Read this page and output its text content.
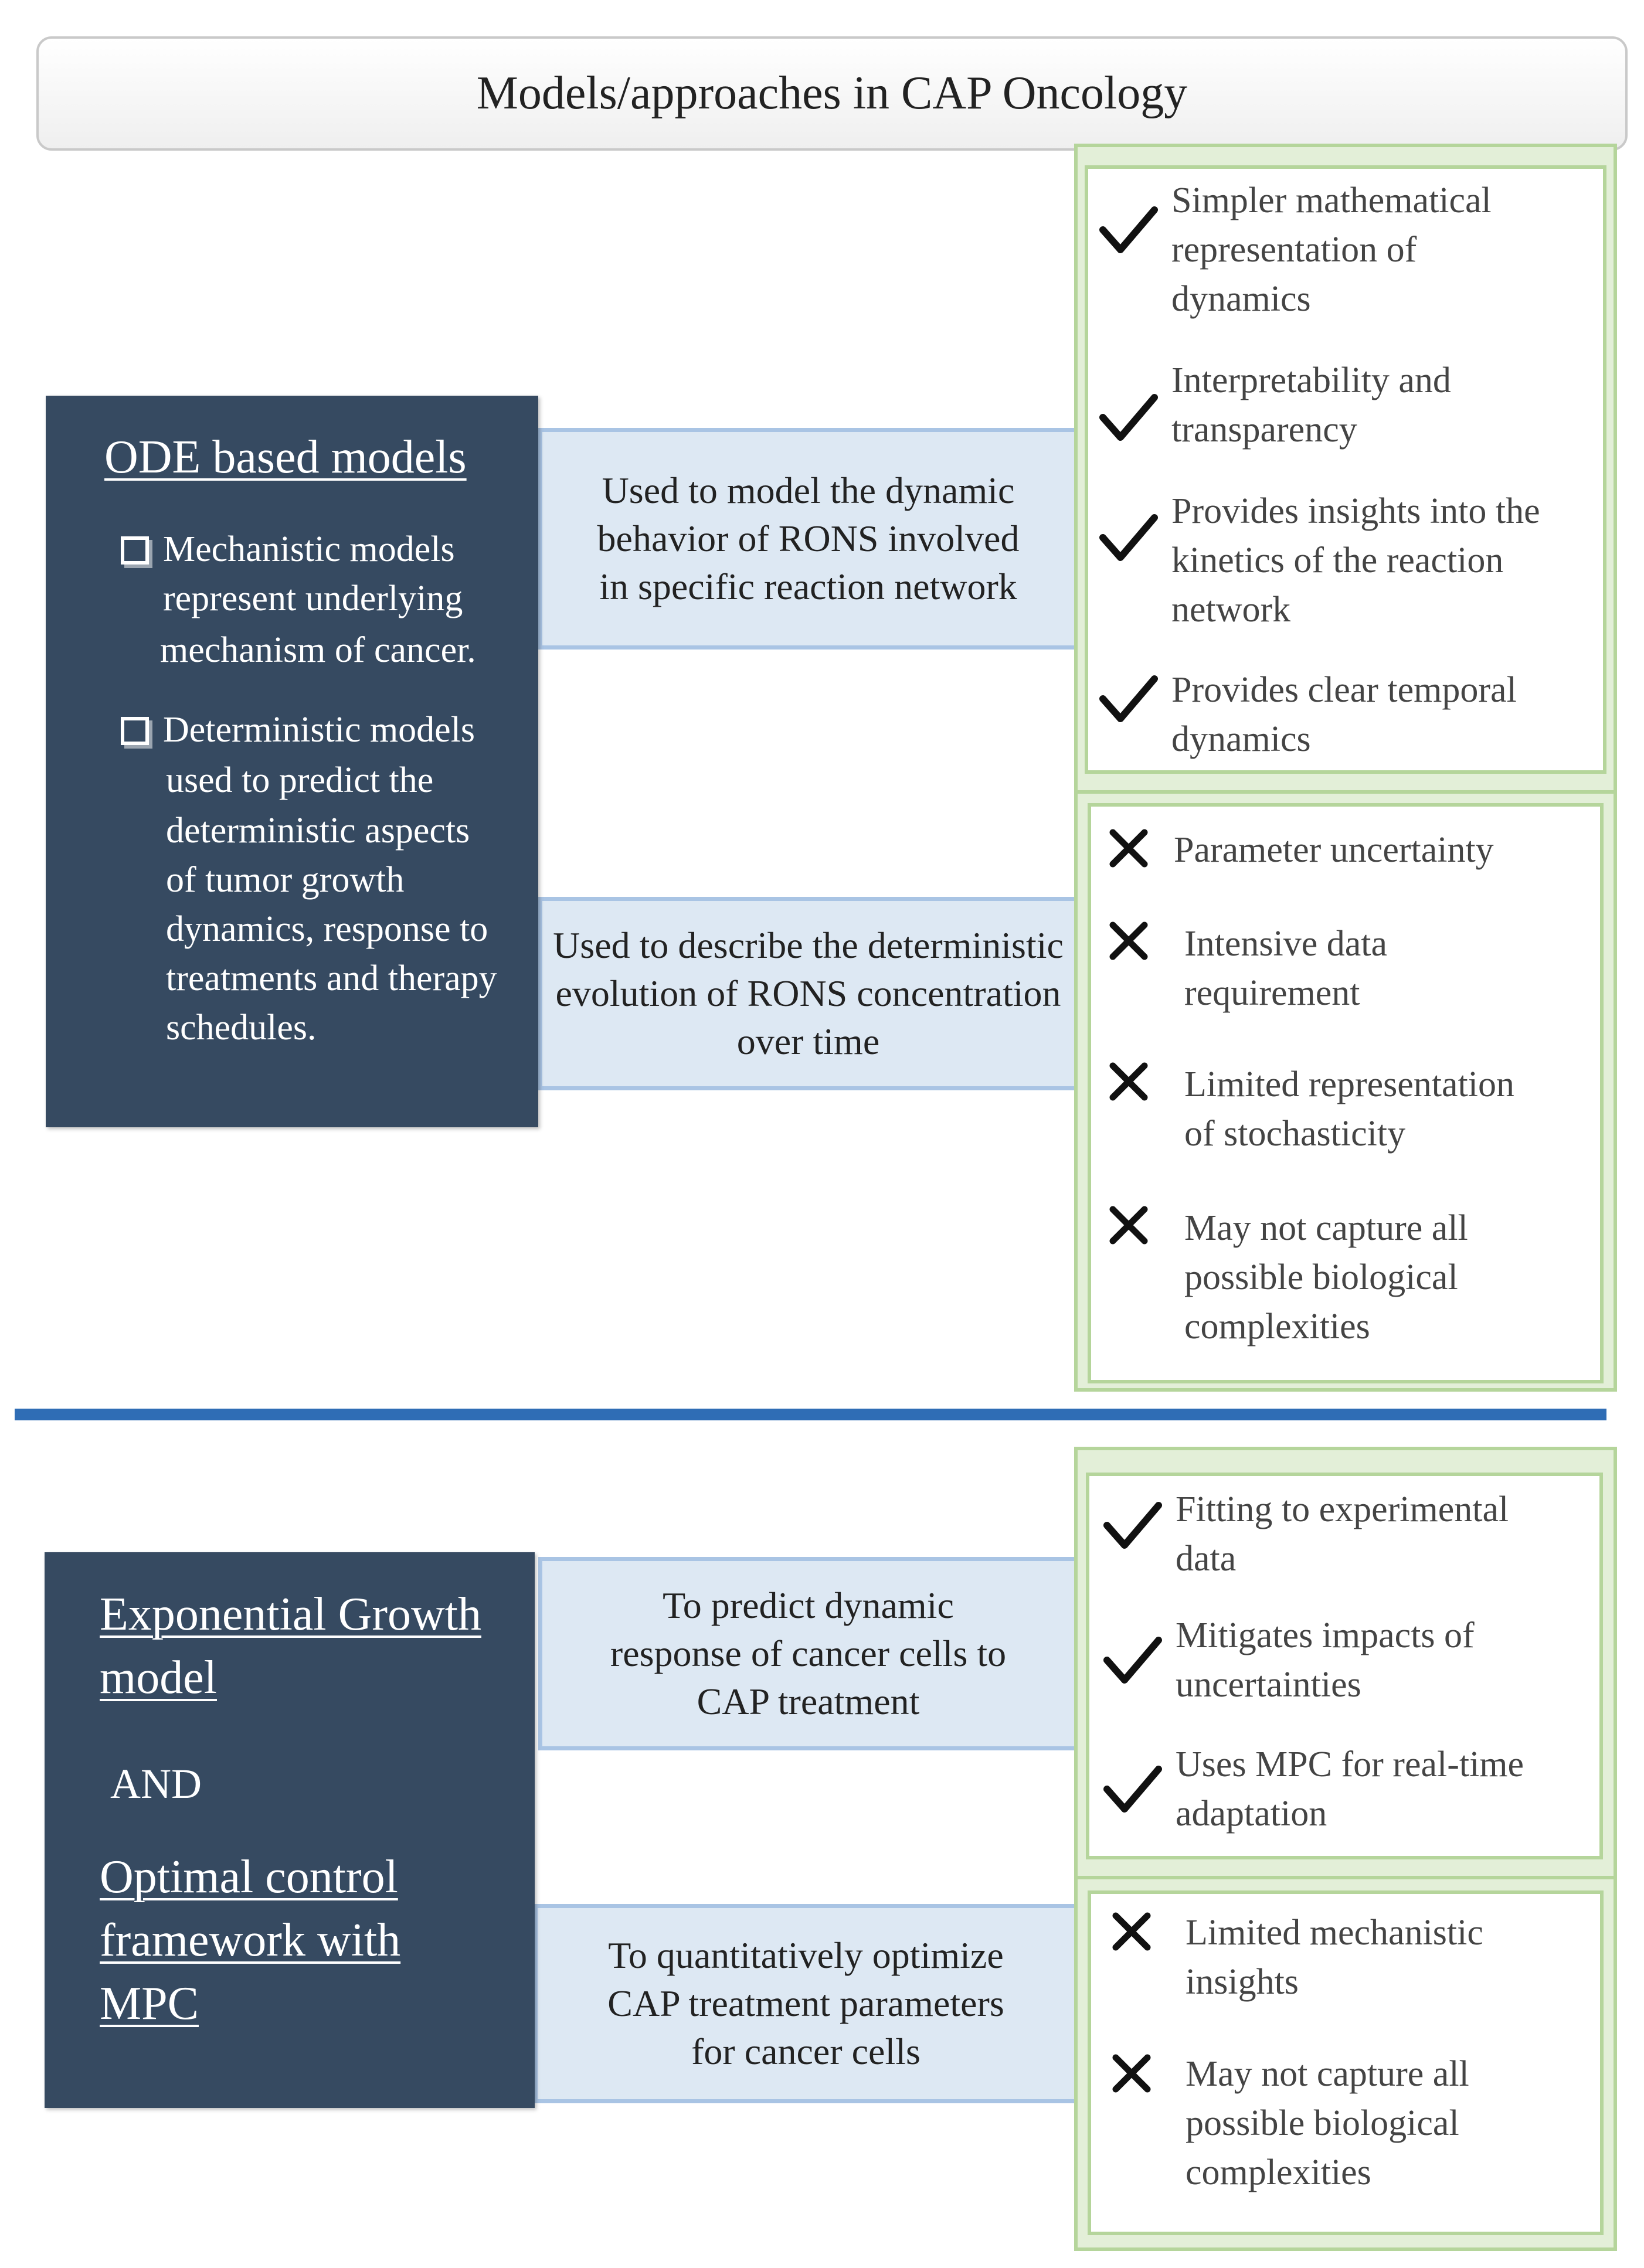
Models/approaches in CAP Oncology
Used to model the dynamic
behavior of RONS involved
in specific reaction network
Used to describe the deterministic
evolution of RONS concentration
over time
ODE based models
Mechanistic models
represent underlying
mechanism of cancer.
Deterministic models
used to predict the
deterministic aspects
of tumor growth
dynamics, response to
treatments and therapy
schedules.
Simpler mathematical
representation of
dynamics
Interpretability and
transparency
Provides insights into the
kinetics of the reaction
network
Provides clear temporal
dynamics
Parameter uncertainty
Intensive data
requirement
Limited representation
of stochasticity
May not capture all
possible biological
complexities
To predict dynamic
response of cancer cells to
CAP treatment
To quantitatively optimize
CAP treatment parameters
for cancer cells
Exponential Growth
model
AND
Optimal control
framework with
MPC
Fitting to experimental
data
Mitigates impacts of
uncertainties
Uses MPC for real-time
adaptation
Limited mechanistic
insights
May not capture all
possible biological
complexities
